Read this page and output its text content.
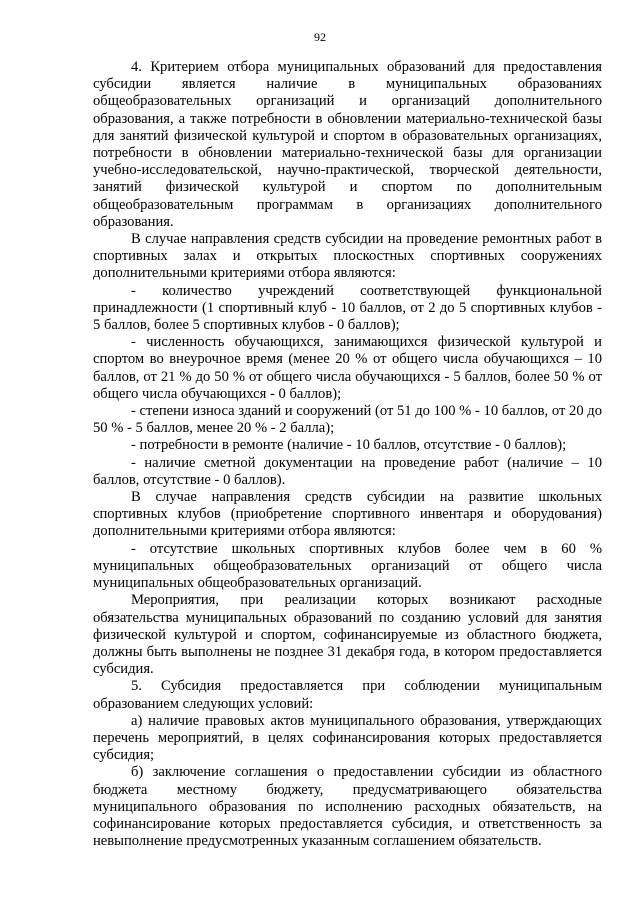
92

4. Критерием отбора муниципальных образований для предоставления субсидии является наличие в муниципальных образованиях общеобразовательных организаций и организаций дополнительного образования, а также потребности в обновлении материально-технической базы для занятий физической культурой и спортом в образовательных организациях, потребности в обновлении материально-технической базы для организации учебно-исследовательской, научно-практической, творческой деятельности, занятий физической культурой и спортом по дополнительным общеобразовательным программам в организациях дополнительного образования.

В случае направления средств субсидии на проведение ремонтных работ в спортивных залах и открытых плоскостных спортивных сооружениях дополнительными критериями отбора являются:

- количество учреждений соответствующей функциональной принадлежности (1 спортивный клуб - 10 баллов, от 2 до 5 спортивных клубов - 5 баллов, более 5 спортивных клубов - 0 баллов);

- численность обучающихся, занимающихся физической культурой и спортом во внеурочное время (менее 20 % от общего числа обучающихся – 10 баллов, от 21 % до 50 % от общего числа обучающихся - 5 баллов, более 50 % от общего числа обучающихся - 0 баллов);

- степени износа зданий и сооружений (от 51 до 100 % - 10 баллов, от 20 до 50 % - 5 баллов, менее 20 % - 2 балла);

- потребности в ремонте (наличие - 10 баллов, отсутствие - 0 баллов);

- наличие сметной документации на проведение работ (наличие – 10 баллов, отсутствие - 0 баллов).

В случае направления средств субсидии на развитие школьных спортивных клубов (приобретение спортивного инвентаря и оборудования) дополнительными критериями отбора являются:

- отсутствие школьных спортивных клубов более чем в 60 % муниципальных общеобразовательных организаций от общего числа муниципальных общеобразовательных организаций.

Мероприятия, при реализации которых возникают расходные обязательства муниципальных образований по созданию условий для занятия физической культурой и спортом, софинансируемые из областного бюджета, должны быть выполнены не позднее 31 декабря года, в котором предоставляется субсидия.

5. Субсидия предоставляется при соблюдении муниципальным образованием следующих условий:

а) наличие правовых актов муниципального образования, утверждающих перечень мероприятий, в целях софинансирования которых предоставляется субсидия;

б) заключение соглашения о предоставлении субсидии из областного бюджета местному бюджету, предусматривающего обязательства муниципального образования по исполнению расходных обязательств, на софинансирование которых предоставляется субсидия, и ответственность за невыполнение предусмотренных указанным соглашением обязательств.
